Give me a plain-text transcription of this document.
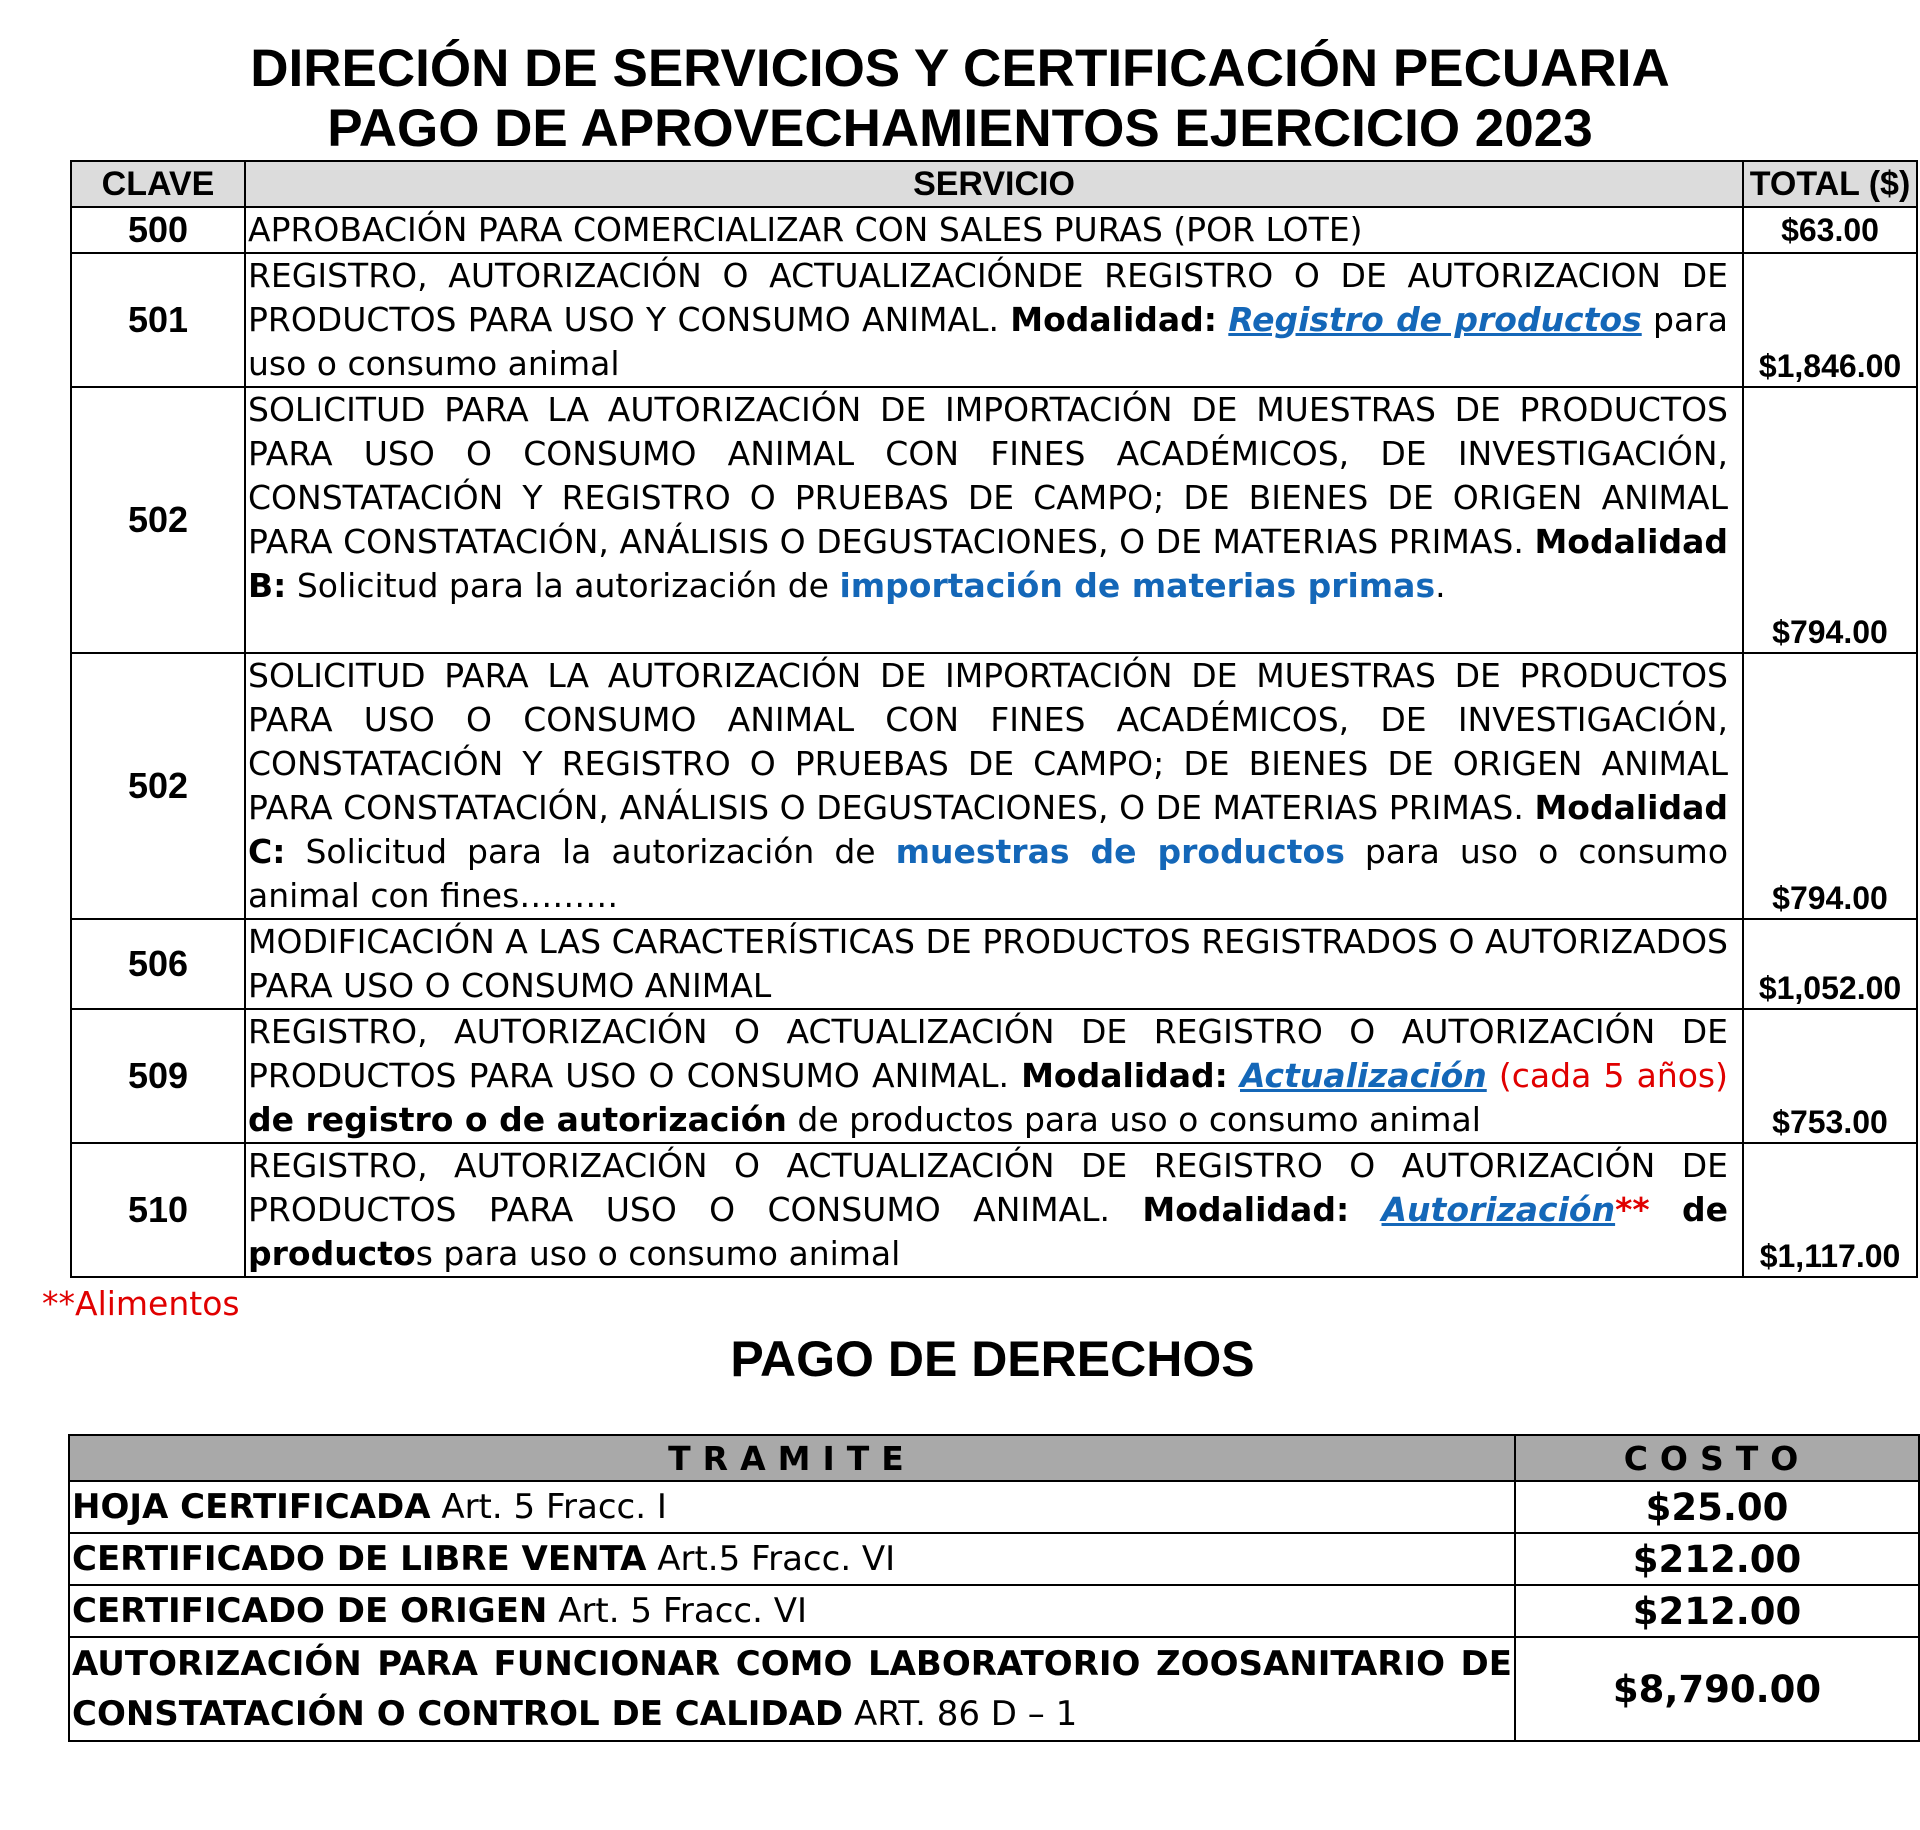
DIRECIÓN DE SERVICIOS Y CERTIFICACIÓN PECUARIA
PAGO DE APROVECHAMIENTOS EJERCICIO 2023
CLAVE	SERVICIO	TOTAL ($)
500	APROBACIÓN PARA COMERCIALIZAR CON SALES PURAS (POR LOTE)	$63.00
501	REGISTRO, AUTORIZACIÓN O ACTUALIZACIÓNDE REGISTRO O DE AUTORIZACION DE PRODUCTOS PARA USO Y CONSUMO ANIMAL. Modalidad: Registro de productos para uso o consumo animal	$1,846.00
502	SOLICITUD PARA LA AUTORIZACIÓN DE IMPORTACIÓN DE MUESTRAS DE PRODUCTOS PARA USO O CONSUMO ANIMAL CON FINES ACADÉMICOS, DE INVESTIGACIÓN, CONSTATACIÓN Y REGISTRO O PRUEBAS DE CAMPO; DE BIENES DE ORIGEN ANIMAL PARA CONSTATACIÓN, ANÁLISIS O DEGUSTACIONES, O DE MATERIAS PRIMAS. Modalidad B: Solicitud para la autorización de importación de materias primas.	$794.00
502	SOLICITUD PARA LA AUTORIZACIÓN DE IMPORTACIÓN DE MUESTRAS DE PRODUCTOS PARA USO O CONSUMO ANIMAL CON FINES ACADÉMICOS, DE INVESTIGACIÓN, CONSTATACIÓN Y REGISTRO O PRUEBAS DE CAMPO; DE BIENES DE ORIGEN ANIMAL PARA CONSTATACIÓN, ANÁLISIS O DEGUSTACIONES, O DE MATERIAS PRIMAS. Modalidad C: Solicitud para la autorización de muestras de productos para uso o consumo animal con fines………	$794.00
506	MODIFICACIÓN A LAS CARACTERÍSTICAS DE PRODUCTOS REGISTRADOS O AUTORIZADOS PARA USO O CONSUMO ANIMAL	$1,052.00
509	REGISTRO, AUTORIZACIÓN O ACTUALIZACIÓN DE REGISTRO O AUTORIZACIÓN DE PRODUCTOS PARA USO O CONSUMO ANIMAL. Modalidad: Actualización (cada 5 años) de registro o de autorización de productos para uso o consumo animal	$753.00
510	REGISTRO, AUTORIZACIÓN O ACTUALIZACIÓN DE REGISTRO O AUTORIZACIÓN DE PRODUCTOS PARA USO O CONSUMO ANIMAL. Modalidad: Autorización** de productos para uso o consumo animal	$1,117.00
**Alimentos
PAGO DE DERECHOS
TRAMITE	COSTO
HOJA CERTIFICADA Art. 5 Fracc. I	$25.00
CERTIFICADO DE LIBRE VENTA Art.5 Fracc. VI	$212.00
CERTIFICADO DE ORIGEN Art. 5 Fracc. VI	$212.00
AUTORIZACIÓN PARA FUNCIONAR COMO LABORATORIO ZOOSANITARIO DE CONSTATACIÓN O CONTROL DE CALIDAD ART. 86 D – 1	$8,790.00
